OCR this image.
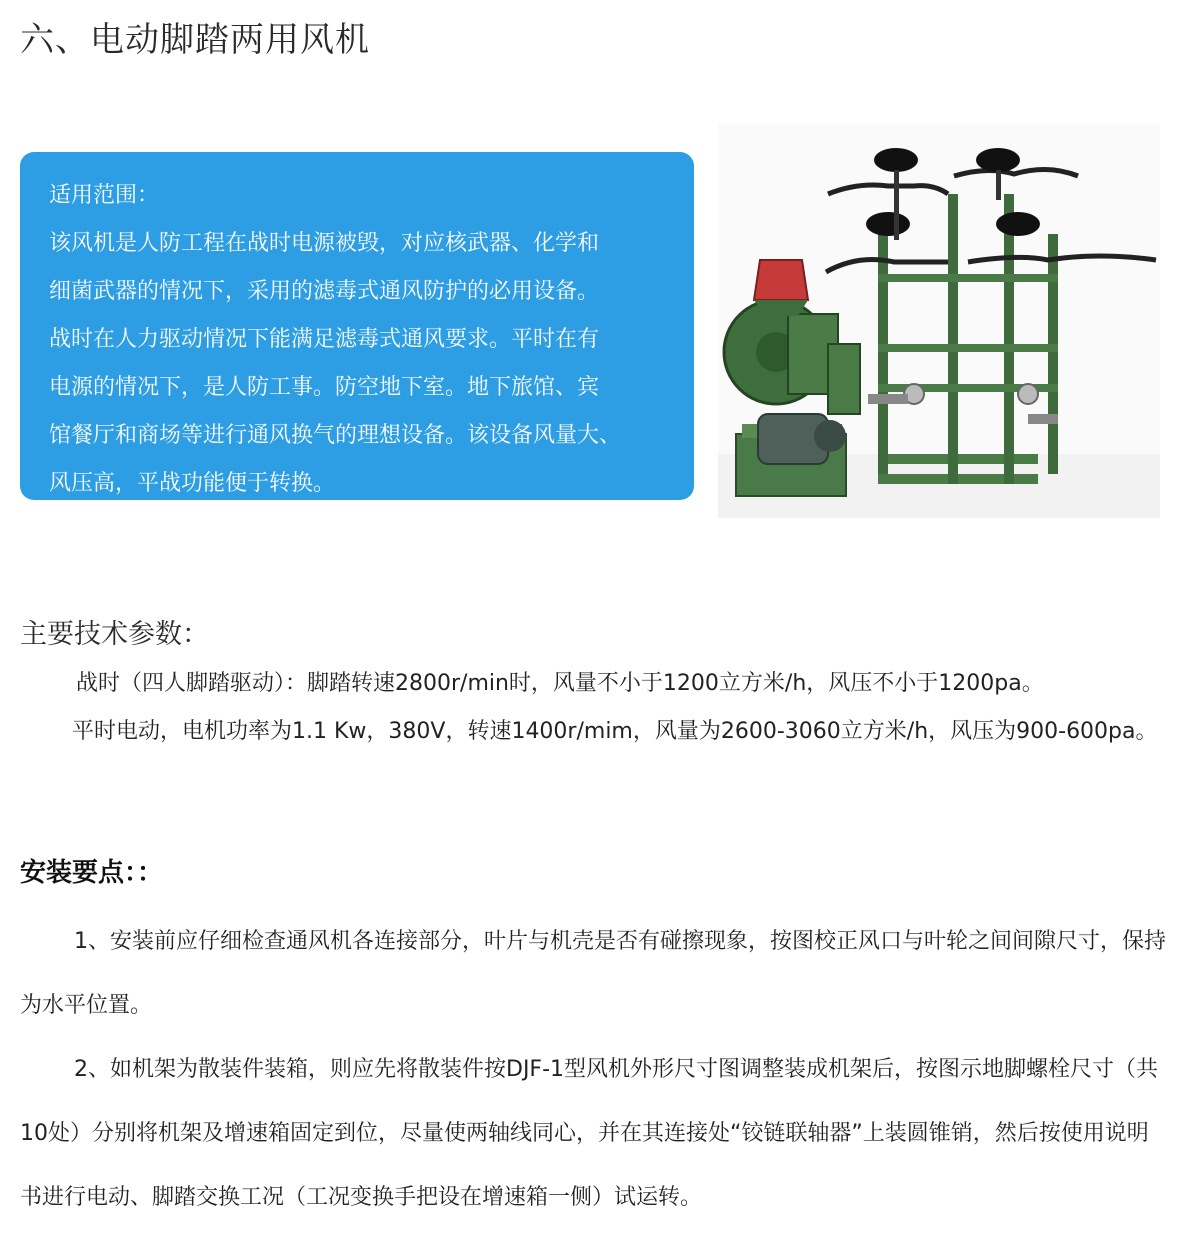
六、电动脚踏两用风机
适用范围：
该风机是人防工程在战时电源被毁，对应核武器、化学和
细菌武器的情况下，采用的滤毒式通风防护的必用设备。
战时在人力驱动情况下能满足滤毒式通风要求。平时在有
电源的情况下，是人防工事。防空地下室。地下旅馆、宾
馆餐厅和商场等进行通风换气的理想设备。该设备风量大、
风压高，平战功能便于转换。
主要技术参数：
战时（四人脚踏驱动）：脚踏转速2800r/min时，风量不小于1200立方米/h，风压不小于1200pa。
平时电动，电机功率为1.1 Kw，380V，转速1400r/mim，风量为2600-3060立方米/h，风压为900-600pa。
安装要点：：
1、安装前应仔细检查通风机各连接部分，叶片与机壳是否有碰擦现象，按图校正风口与叶轮之间间隙尺寸，保持为水平位置。
2、如机架为散装件装箱，则应先将散装件按DJF-1型风机外形尺寸图调整装成机架后，按图示地脚螺栓尺寸（共10处）分别将机架及增速箱固定到位，尽量使两轴线同心，并在其连接处“铰链联轴器”上装圆锥销，然后按使用说明书进行电动、脚踏交换工况（工况变换手把设在增速箱一侧）试运转。
